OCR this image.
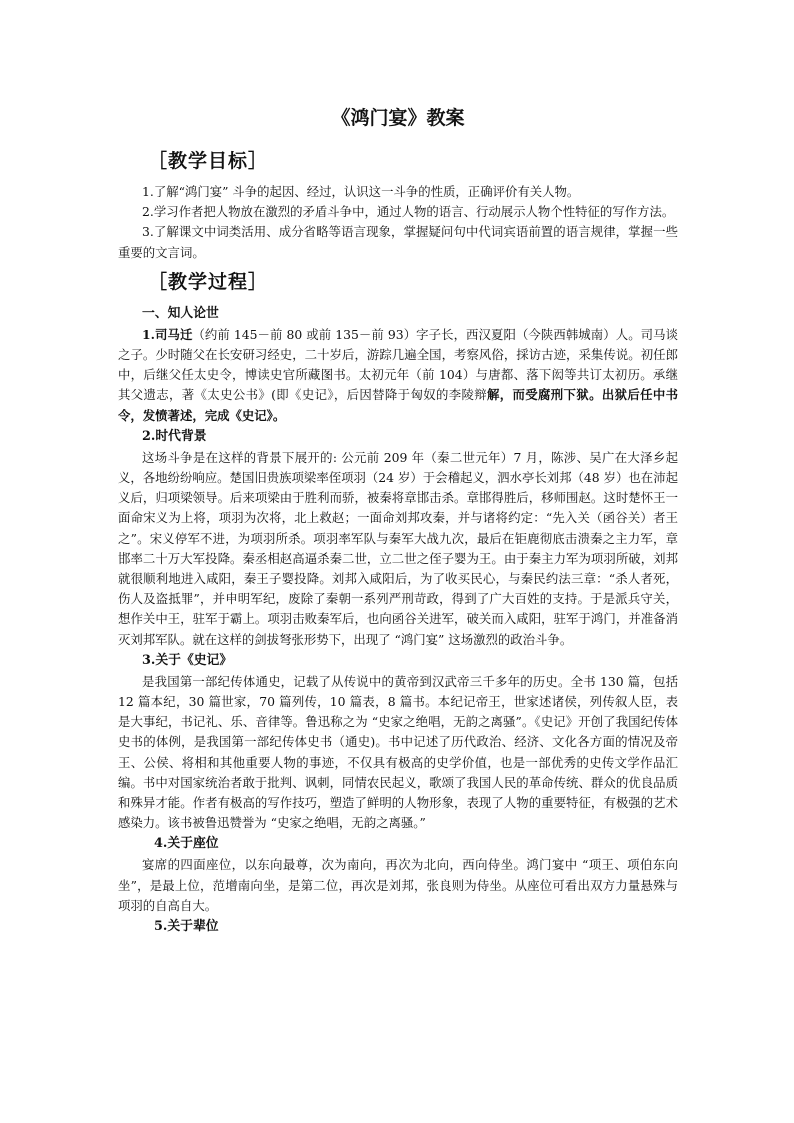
《鸿门宴》教案
［教学目标］

1.了解“鸿门宴” 斗争的起因、经过，认识这一斗争的性质，正确评价有关人物。

2.学习作者把人物放在激烈的矛盾斗争中，通过人物的语言、行动展示人物个性特征的写作方法。

3.了解课文中词类活用、成分省略等语言现象，掌握疑问句中代词宾语前置的语言规律，掌握一些重要的文言词。

［教学过程］

一、知人论世

1.司马迁（约前 145－前 80 或前 135－前 93）字子长，西汉夏阳（今陕西韩城南）人。司马谈之子。少时随父在长安研习经史，二十岁后，游踪几遍全国，考察风俗，採访古迹，采集传说。初任郎中，后继父任太史令，博读史官所藏图书。太初元年（前 104）与唐都、落下闳等共订太初历。承继其父遗志，著《太史公书》(即《史记》，后因替降于匈奴的李陵辩解，而受腐刑下狱。出狱后任中书令，发愤著述，完成《史记》。

2.时代背景

这场斗争是在这样的背景下展开的: 公元前 209 年（秦二世元年）7 月，陈涉、吴广在大泽乡起义，各地纷纷响应。楚国旧贵族项梁率侄项羽（24 岁）于会稽起义，泗水亭长刘邦（48 岁）也在沛起义后，归项梁领导。后来项梁由于胜利而骄，被秦将章邯击杀。章邯得胜后，移师围赵。这时楚怀王一面命宋义为上将，项羽为次将，北上救赵；一面命刘邦攻秦，并与诸将约定：“先入关（函谷关）者王之”。宋义停军不进，为项羽所杀。项羽率军队与秦军大战九次，最后在钜鹿彻底击溃秦之主力军，章邯率二十万大军投降。秦丞相赵高逼杀秦二世，立二世之侄子婴为王。由于秦主力军为项羽所破，刘邦就很顺利地进入咸阳，秦王子婴投降。刘邦入咸阳后，为了收买民心，与秦民约法三章：“杀人者死，伤人及盗抵罪”，并申明军纪，废除了秦朝一系列严刑苛政，得到了广大百姓的支持。于是派兵守关，想作关中王，驻军于霸上。项羽击败秦军后，也向函谷关进军，破关而入咸阳，驻军于鸿门，并准备消灭刘邦军队。就在这样的剑拔弩张形势下，出现了 “鸿门宴” 这场激烈的政治斗争。

3.关于《史记》

是我国第一部纪传体通史，记载了从传说中的黄帝到汉武帝三千多年的历史。全书 130 篇，包括 12 篇本纪，30 篇世家，70 篇列传，10 篇表，8 篇书。本纪记帝王，世家述诸侯，列传叙人臣，表是大事纪，书记礼、乐、音律等。鲁迅称之为 “史家之绝唱，无韵之离骚”。《史记》开创了我国纪传体史书的体例，是我国第一部纪传体史书（通史)。书中记述了历代政治、经济、文化各方面的情况及帝王、公侯、将相和其他重要人物的事迹，不仅具有极高的史学价值，也是一部优秀的史传文学作品汇编。书中对国家统治者敢于批判、讽刺，同情农民起义，歌颂了我国人民的革命传统、群众的优良品质和殊异才能。作者有极高的写作技巧，塑造了鲜明的人物形象，表现了人物的重要特征，有极强的艺术感染力。该书被鲁迅赞誉为 “史家之绝唱，无韵之离骚。”

4.关于座位

宴席的四面座位，以东向最尊，次为南向，再次为北向，西向侍坐。鸿门宴中 “项王、项伯东向坐”，是最上位，范增南向坐，是第二位，再次是刘邦，张良则为侍坐。从座位可看出双方力量悬殊与项羽的自高自大。

5.关于辈位
